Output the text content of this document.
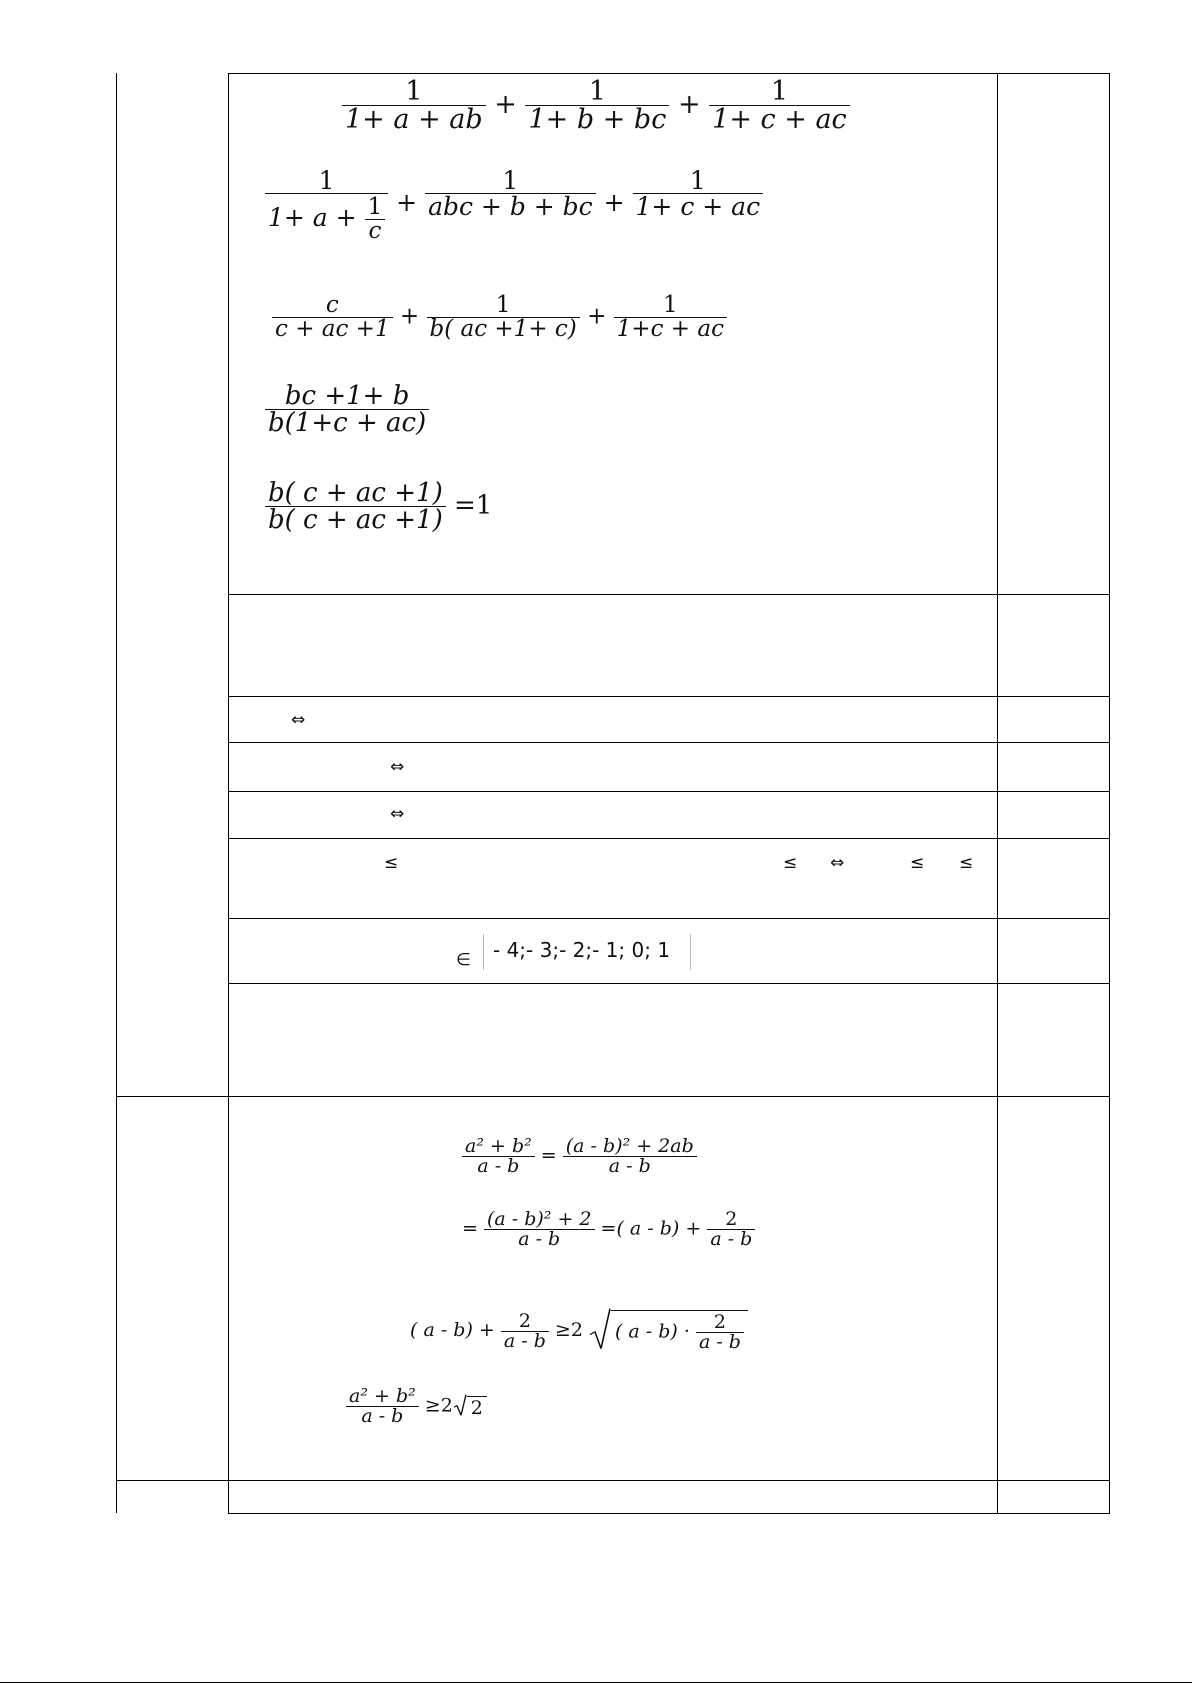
$\frac{1}{1+ a + ab} + \frac{1}{1+ b + bc} + \frac{1}{1+ c + ac}$
$\frac{1}{1+ a + \frac{1}{c}} + \frac{1}{\text{abc + b + bc}} + \frac{1}{1+ c + ac}$
$\frac{c}{c + ac +1} + \frac{1}{b( ac +1+ c)} + \frac{1}{1+c + ac}$
$\frac{bc +1+ b}{b(1+c + ac)}$
$\frac{b( c + ac +1)}{b( c + ac +1)} =1$
⇔
⇔
⇔
≤	≤ ⇔	≤ ≤
∈ - 4;- 3;- 2;- 1; 0; 1
$\frac{\text{a² + b²}}{a - b} = \frac{\text{(a - b)² + 2ab}}{a - b}$
= $\frac{\text{(a - b)² + 2}}{a - b}$ =( $a - b) + \frac{2}{a - b}$
( $a - b) + \frac{2}{a - b} \ge 2$ ( $a - b) \cdot \frac{2}{a - b}$
$\frac{\text{a² + b²}}{a - b} \ge 2$ 2
